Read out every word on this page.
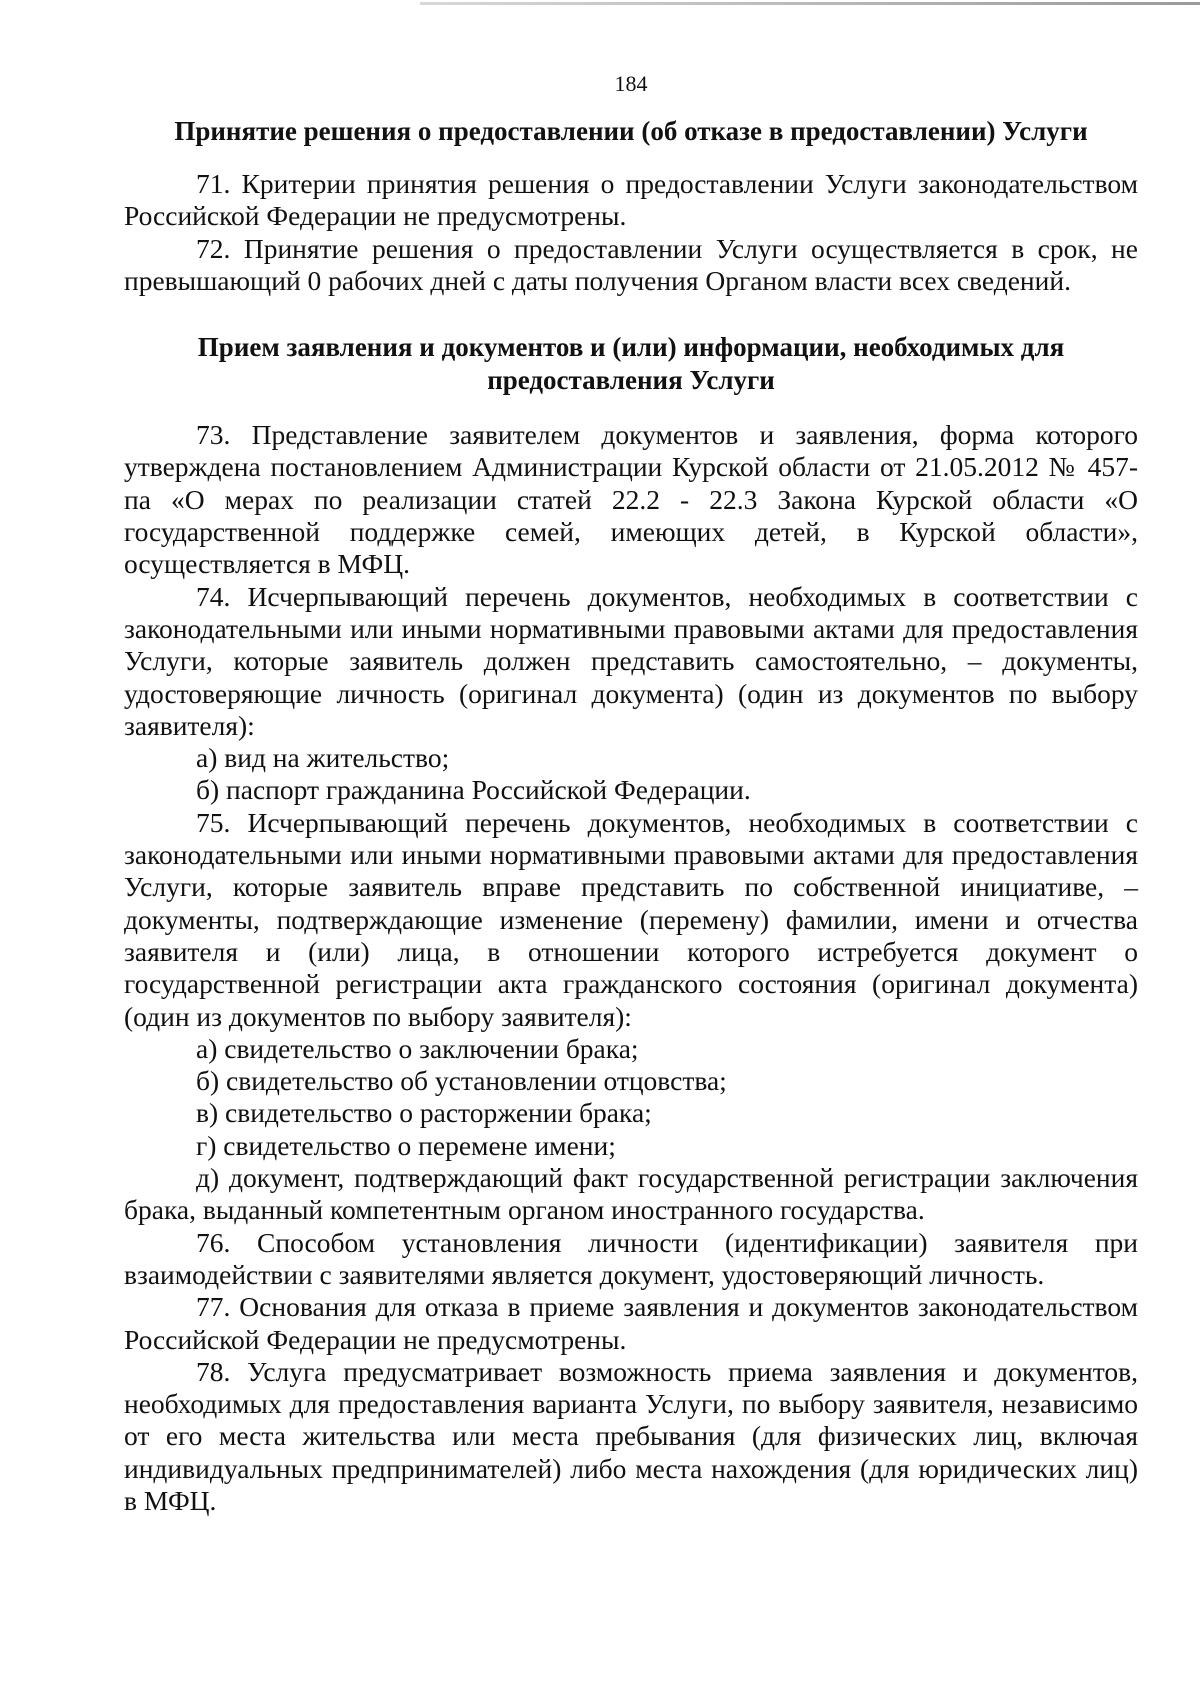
184
Принятие решения о предоставлении (об отказе в предоставлении) Услуги

71. Критерии принятия решения о предоставлении Услуги законодательством Российской Федерации не предусмотрены.

72. Принятие решения о предоставлении Услуги осуществляется в срок, не превышающий 0 рабочих дней с даты получения Органом власти всех сведений.

Прием заявления и документов и (или) информации, необходимых для предоставления Услуги

73. Представление заявителем документов и заявления, форма которого утверждена постановлением Администрации Курской области от 21.05.2012 № 457-па «О мерах по реализации статей 22.2 - 22.3 Закона Курской области «О государственной поддержке семей, имеющих детей, в Курской области», осуществляется в МФЦ.

74. Исчерпывающий перечень документов, необходимых в соответствии с законодательными или иными нормативными правовыми актами для предоставления Услуги, которые заявитель должен представить самостоятельно, – документы, удостоверяющие личность (оригинал документа) (один из документов по выбору заявителя):

а) вид на жительство;

б) паспорт гражданина Российской Федерации.

75. Исчерпывающий перечень документов, необходимых в соответствии с законодательными или иными нормативными правовыми актами для предоставления Услуги, которые заявитель вправе представить по собственной инициативе, – документы, подтверждающие изменение (перемену) фамилии, имени и отчества заявителя и (или) лица, в отношении которого истребуется документ о государственной регистрации акта гражданского состояния (оригинал документа) (один из документов по выбору заявителя):

а) свидетельство о заключении брака;

б) свидетельство об установлении отцовства;

в) свидетельство о расторжении брака;

г) свидетельство о перемене имени;

д) документ, подтверждающий факт государственной регистрации заключения брака, выданный компетентным органом иностранного государства.

76. Способом установления личности (идентификации) заявителя при взаимодействии с заявителями является документ, удостоверяющий личность.

77. Основания для отказа в приеме заявления и документов законодательством Российской Федерации не предусмотрены.

78. Услуга предусматривает возможность приема заявления и документов, необходимых для предоставления варианта Услуги, по выбору заявителя, независимо от его места жительства или места пребывания (для физических лиц, включая индивидуальных предпринимателей) либо места нахождения (для юридических лиц) в МФЦ.
